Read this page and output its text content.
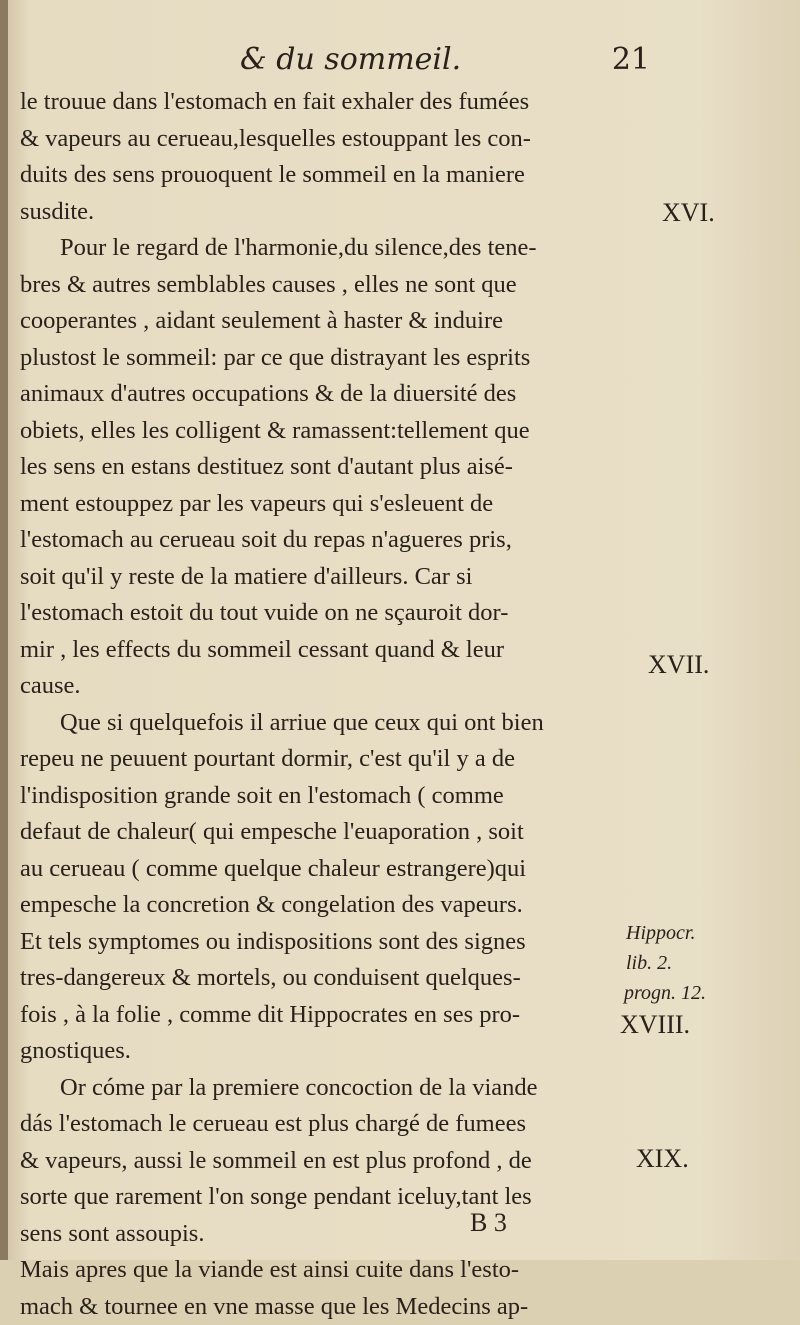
& du sommeil.	21
le trouue dans l'estomach en fait exhaler des fumées
& vapeurs au cerueau,lesquelles estouppant les con-
duits des sens prouoquent le sommeil en la maniere
susdite.
Pour le regard de l'harmonie,du silence,des tene-
bres & autres semblables causes , elles ne sont que
cooperantes , aidant seulement à haster & induire
plustost le sommeil: par ce que distrayant les esprits
animaux d'autres occupations & de la diuersité des
obiets, elles les colligent & ramassent:tellement que
les sens en estans destituez sont d'autant plus aisé-
ment estouppez par les vapeurs qui s'esleuent de
l'estomach au cerueau soit du repas n'agueres pris,
soit qu'il y reste de la matiere d'ailleurs. Car si
l'estomach estoit du tout vuide on ne sçauroit dor-
mir , les effects du sommeil cessant quand & leur
cause.
Que si quelquefois il arriue que ceux qui ont bien
repeu ne peuuent pourtant dormir, c'est qu'il y a de
l'indisposition grande soit en l'estomach ( comme
defaut de chaleur( qui empesche l'euaporation , soit
au cerueau ( comme quelque chaleur estrangere)qui
empesche la concretion & congelation des vapeurs.
Et tels symptomes ou indispositions sont des signes
tres-dangereux & mortels, ou conduisent quelques-
fois , à la folie , comme dit Hippocrates en ses pro-
gnostiques.
Or cóme par la premiere concoction de la viande
dás l'estomach le cerueau est plus chargé de fumees
& vapeurs, aussi le sommeil en est plus profond , de
sorte que rarement l'on songe pendant iceluy,tant les
sens sont assoupis.
Mais apres que la viande est ainsi cuite dans l'esto-
mach & tournee en vne masse que les Medecins ap-
XVI.
XVII.
Hippocr.
lib. 2.
progn. 12.
XVIII.
XIX.
B 3
